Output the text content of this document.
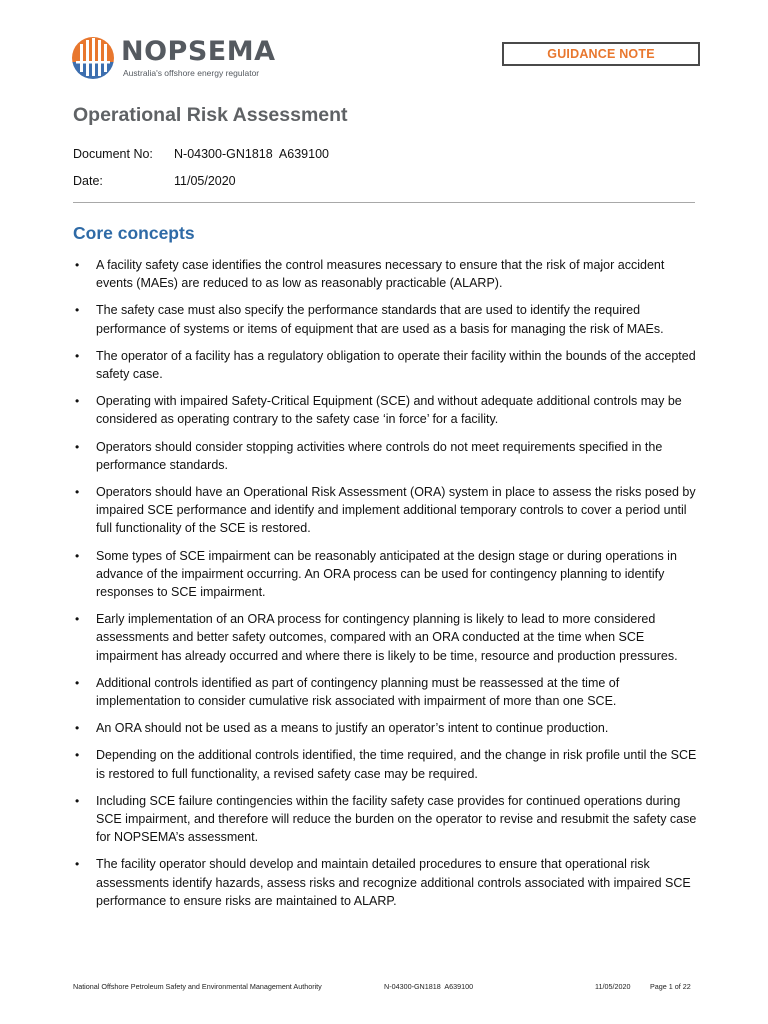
NOPSEMA
Australia's offshore energy regulator
GUIDANCE NOTE
Operational Risk Assessment
Document No: N-04300-GN1818  A639100
Date:	11/05/2020
Core concepts
• A facility safety case identifies the control measures necessary to ensure that the risk of major accident events (MAEs) are reduced to as low as reasonably practicable (ALARP).
• The safety case must also specify the performance standards that are used to identify the required performance of systems or items of equipment that are used as a basis for managing the risk of MAEs.
• The operator of a facility has a regulatory obligation to operate their facility within the bounds of the accepted safety case.
• Operating with impaired Safety-Critical Equipment (SCE) and without adequate additional controls may be considered as operating contrary to the safety case ‘in force’ for a facility.
• Operators should consider stopping activities where controls do not meet requirements specified in the performance standards.
• Operators should have an Operational Risk Assessment (ORA) system in place to assess the risks posed by impaired SCE performance and identify and implement additional temporary controls to cover a period until full functionality of the SCE is restored.
• Some types of SCE impairment can be reasonably anticipated at the design stage or during operations in advance of the impairment occurring. An ORA process can be used for contingency planning to identify responses to SCE impairment.
• Early implementation of an ORA process for contingency planning is likely to lead to more considered assessments and better safety outcomes, compared with an ORA conducted at the time when SCE impairment has already occurred and where there is likely to be time, resource and production pressures.
• Additional controls identified as part of contingency planning must be reassessed at the time of implementation to consider cumulative risk associated with impairment of more than one SCE.
• An ORA should not be used as a means to justify an operator’s intent to continue production.
• Depending on the additional controls identified, the time required, and the change in risk profile until the SCE is restored to full functionality, a revised safety case may be required.
• Including SCE failure contingencies within the facility safety case provides for continued operations during SCE impairment, and therefore will reduce the burden on the operator to revise and resubmit the safety case for NOPSEMA’s assessment.
• The facility operator should develop and maintain detailed procedures to ensure that operational risk assessments identify hazards, assess risks and recognize additional controls associated with impaired SCE performance to ensure risks are maintained to ALARP.
National Offshore Petroleum Safety and Environmental Management Authority	N-04300-GN1818  A639100	11/05/2020	Page 1 of 22
